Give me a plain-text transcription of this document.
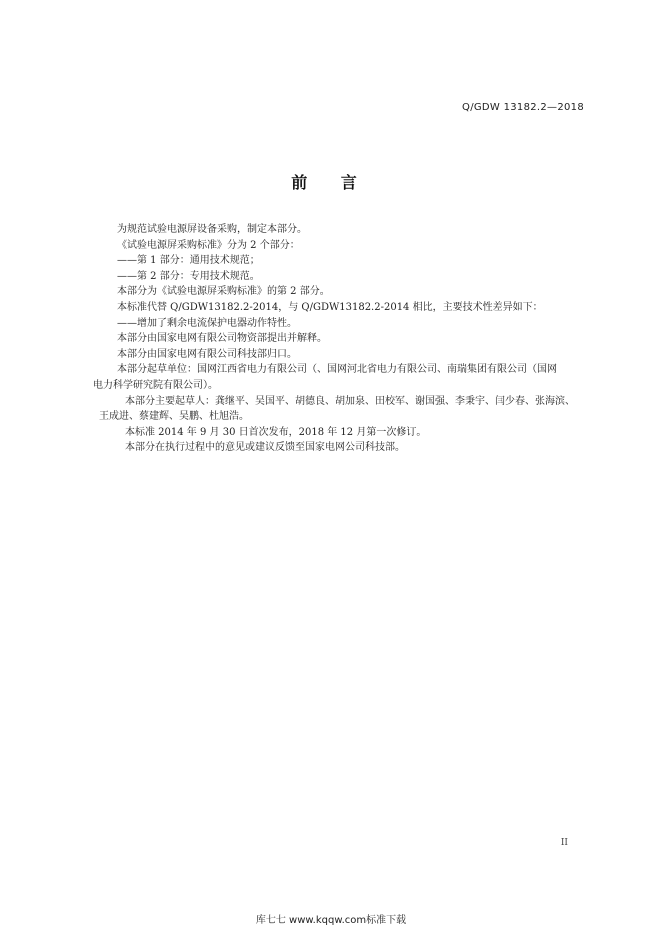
Q/GDW 13182.2—2018
前 言

为规范试验电源屏设备采购，制定本部分。

《试验电源屏采购标准》分为 2 个部分：

——第 1 部分：通用技术规范；

——第 2 部分：专用技术规范。

本部分为《试验电源屏采购标准》的第 2 部分。

本标准代替 Q/GDW13182.2-2014，与 Q/GDW13182.2-2014 相比，主要技术性差异如下：

——增加了剩余电流保护电器动作特性。

本部分由国家电网有限公司物资部提出并解释。

本部分由国家电网有限公司科技部归口。

本部分起草单位：国网江西省电力有限公司（、国网河北省电力有限公司、南瑞集团有限公司（国网

电力科学研究院有限公司）。

本部分主要起草人：龚继平、吴国平、胡德良、胡加泉、田校军、谢国强、李秉宇、闫少春、张海滨、

王成进、蔡建辉、吴鹏、杜旭浩。

本标准 2014 年 9 月 30 日首次发布，2018 年 12 月第一次修订。

本部分在执行过程中的意见或建议反馈至国家电网公司科技部。

II
库七七 www.kqqw.com标准下载
